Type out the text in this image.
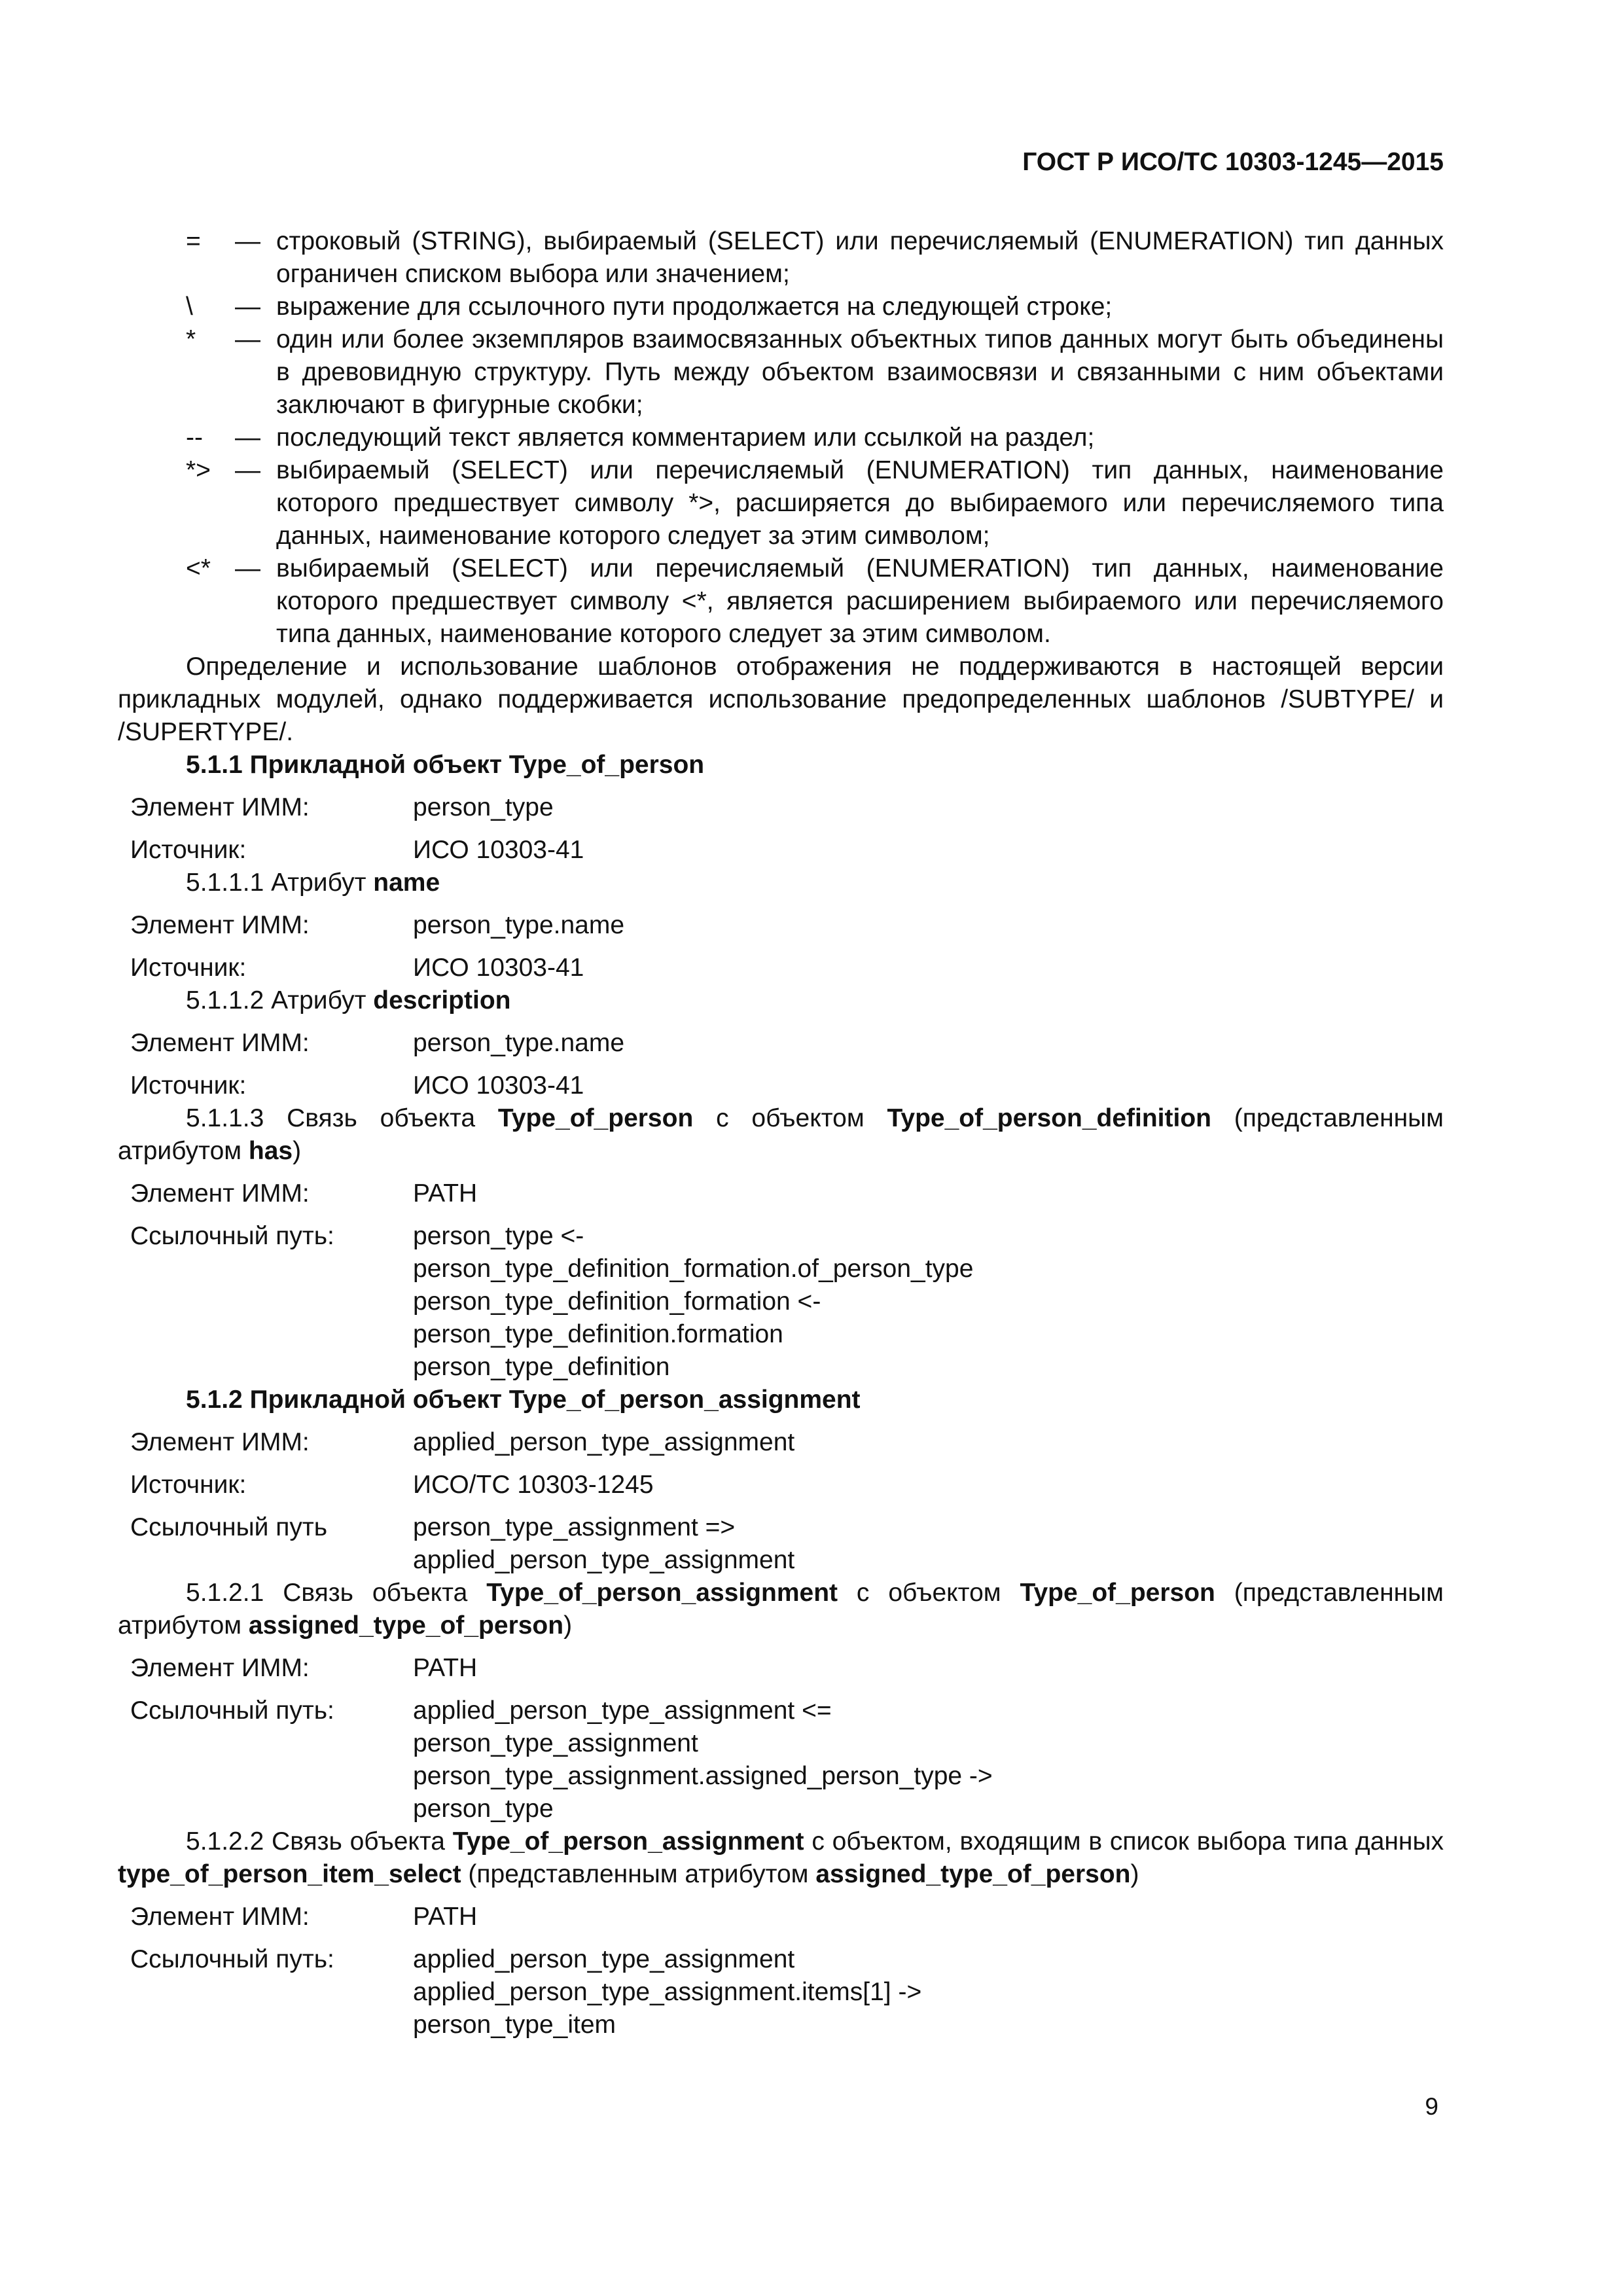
ГОСТ Р ИСО/ТС 10303-1245—2015
=	— строковый (STRING), выбираемый (SELECT) или перечисляемый (ENUMERATION) тип данных ограничен списком выбора или значением;
\	— выражение для ссылочного пути продолжается на следующей строке;
*	— один или более экземпляров взаимосвязанных объектных типов данных могут быть объединены в древовидную структуру. Путь между объектом взаимосвязи и связанными с ним объектами заключают в фигурные скобки;
--	— последующий текст является комментарием или ссылкой на раздел;
*> — выбираемый (SELECT) или перечисляемый (ENUMERATION) тип данных, наименование которого предшествует символу *>, расширяется до выбираемого или перечисляемого типа данных, наименование которого следует за этим символом;
<* — выбираемый (SELECT) или перечисляемый (ENUMERATION) тип данных, наименование которого предшествует символу <*, является расширением выбираемого или перечисляемого типа данных, наименование которого следует за этим символом.
Определение и использование шаблонов отображения не поддерживаются в настоящей версии прикладных модулей, однако поддерживается использование предопределенных шаблонов /SUBTYPE/ и /SUPERTYPE/.
5.1.1 Прикладной объект Type_of_person
Элемент ИММ:	person_type
Источник:	ИСО 10303-41
5.1.1.1 Атрибут name
Элемент ИММ:	person_type.name
Источник:	ИСО 10303-41
5.1.1.2 Атрибут description
Элемент ИММ:	person_type.name
Источник:	ИСО 10303-41
5.1.1.3 Связь объекта Type_of_person с объектом Type_of_person_definition (представленным атрибутом has)
Элемент ИММ:	PATH
Ссылочный путь:	person_type <-
person_type_definition_formation.of_person_type
person_type_definition_formation <-
person_type_definition.formation
person_type_definition
5.1.2 Прикладной объект Type_of_person_assignment
Элемент ИММ:	applied_person_type_assignment
Источник:	ИСО/ТС 10303-1245
Ссылочный путь	person_type_assignment =>
applied_person_type_assignment
5.1.2.1 Связь объекта Type_of_person_assignment с объектом Type_of_person (представленным атрибутом assigned_type_of_person)
Элемент ИММ:	PATH
Ссылочный путь:	applied_person_type_assignment <=
person_type_assignment
person_type_assignment.assigned_person_type ->
person_type
5.1.2.2 Связь объекта Type_of_person_assignment с объектом, входящим в список выбора типа данных type_of_person_item_select (представленным атрибутом assigned_type_of_person)
Элемент ИММ:	PATH
Ссылочный путь:	applied_person_type_assignment
applied_person_type_assignment.items[1] ->
person_type_item
9
